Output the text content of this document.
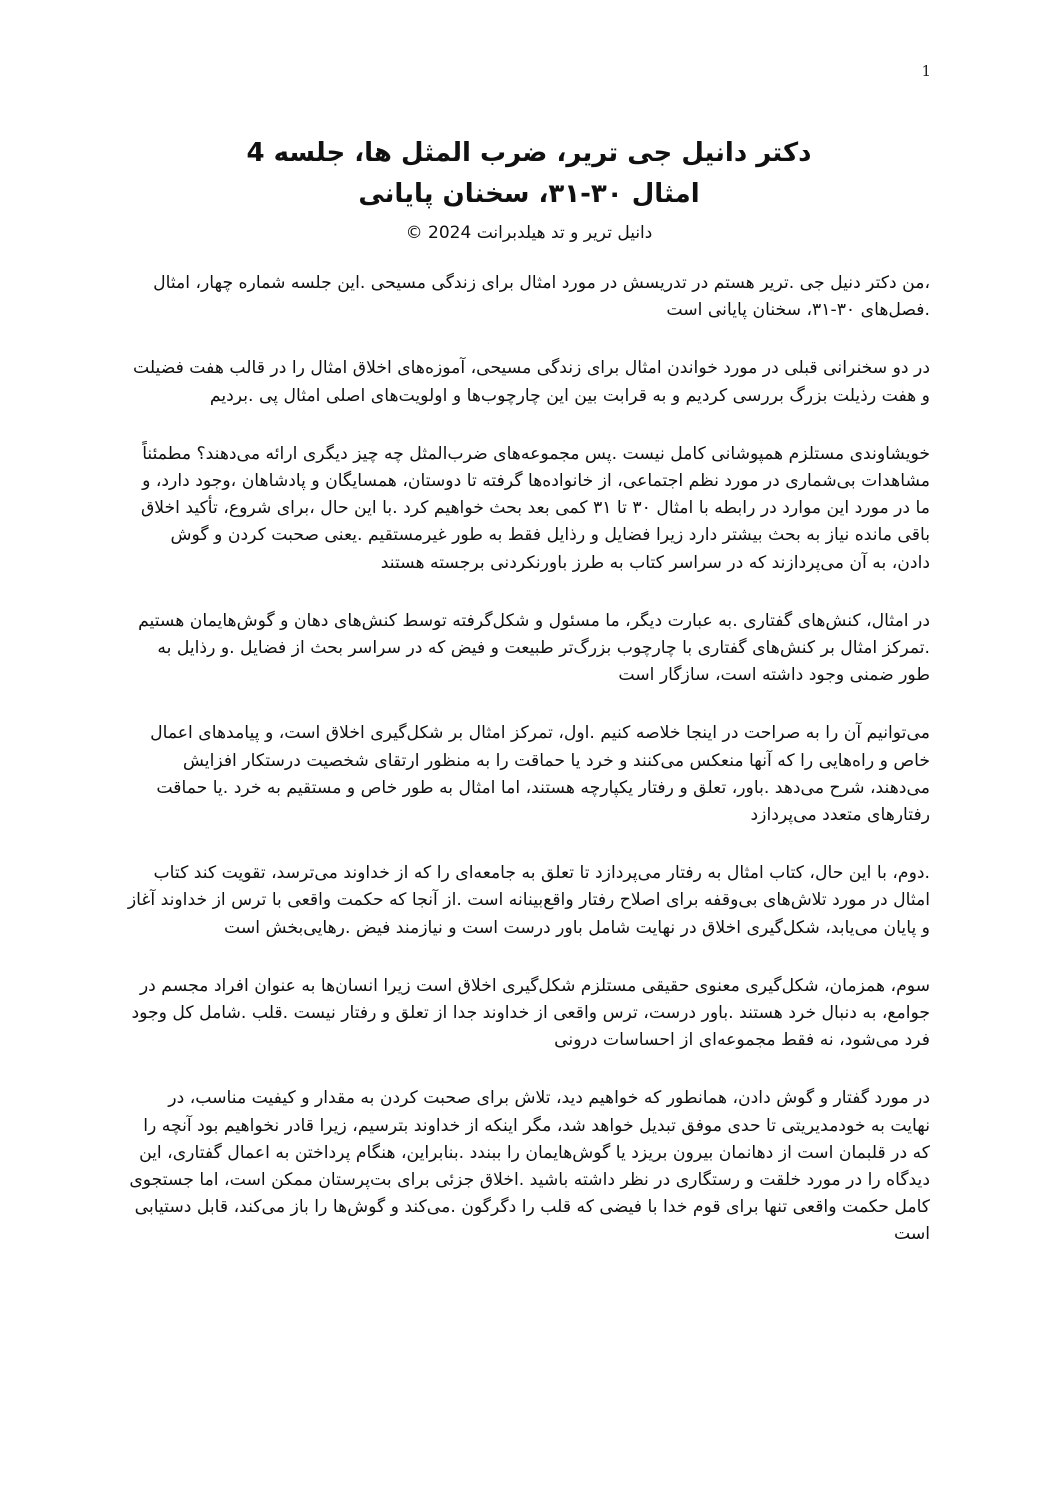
1

دکتر دانیل جی تریر، ضرب المثل ها، جلسه 4

امثال ۳۰-۳۱، سخنان پایانی

دانیل تریر و تد هیلدبرانت 2024 ©

،من دکتر دنیل جی .تریر هستم در تدریسش در مورد امثال برای زندگی مسیحی .این جلسه شماره چهار، امثال .فصل‌های ۳۰-۳۱، سخنان پایانی است

در دو سخنرانی قبلی در مورد خواندن امثال برای زندگی مسیحی، آموزه‌های اخلاق امثال را در قالب هفت فضیلت و هفت رذیلت بزرگ بررسی کردیم و به قرابت بین این چارچوب‌ها و اولویت‌های اصلی امثال پی .بردیم

خویشاوندی مستلزم همپوشانی کامل نیست .پس مجموعه‌های ضرب‌المثل چه چیز دیگری ارائه می‌دهند؟ مطمئناً مشاهدات بی‌شماری در مورد نظم اجتماعی، از خانواده‌ها گرفته تا دوستان، همسایگان و پادشاهان ،وجود دارد، و ما در مورد این موارد در رابطه با امثال ۳۰ تا ۳۱ کمی بعد بحث خواهیم کرد .با این حال ،برای شروع، تأکید اخلاق باقی مانده نیاز به بحث بیشتر دارد زیرا فضایل و رذایل فقط به طور غیرمستقیم .یعنی صحبت کردن و گوش دادن، به آن می‌پردازند که در سراسر کتاب به طرز باورنکردنی برجسته هستند

در امثال، کنش‌های گفتاری .به عبارت دیگر، ما مسئول و شکل‌گرفته توسط کنش‌های دهان و گوش‌هایمان هستیم .تمرکز امثال بر کنش‌های گفتاری با چارچوب بزرگ‌تر طبیعت و فیض که در سراسر بحث از فضایل .و رذایل به طور ضمنی وجود داشته است، سازگار است

می‌توانیم آن را به صراحت در اینجا خلاصه کنیم .اول، تمرکز امثال بر شکل‌گیری اخلاق است، و پیامدهای اعمال خاص و راه‌هایی را که آنها منعکس می‌کنند و خرد یا حماقت را به منظور ارتقای شخصیت درستکار افزایش می‌دهند، شرح می‌دهد .باور، تعلق و رفتار یکپارچه هستند، اما امثال به طور خاص و مستقیم به خرد .یا حماقت رفتارهای متعدد می‌پردازد

.دوم، با این حال، کتاب امثال به رفتار می‌پردازد تا تعلق به جامعه‌ای را که از خداوند می‌ترسد، تقویت کند کتاب امثال در مورد تلاش‌های بی‌وقفه برای اصلاح رفتار واقع‌بینانه است .از آنجا که حکمت واقعی با ترس از خداوند آغاز و پایان می‌یابد، شکل‌گیری اخلاق در نهایت شامل باور درست است و نیازمند فیض .رهایی‌بخش است

سوم، همزمان، شکل‌گیری معنوی حقیقی مستلزم شکل‌گیری اخلاق است زیرا انسان‌ها به عنوان افراد مجسم در جوامع، به دنبال خرد هستند .باور درست، ترس واقعی از خداوند جدا از تعلق و رفتار نیست .قلب .شامل کل وجود فرد می‌شود، نه فقط مجموعه‌ای از احساسات درونی

در مورد گفتار و گوش دادن، همانطور که خواهیم دید، تلاش برای صحبت کردن به مقدار و کیفیت مناسب، در نهایت به خودمدیریتی تا حدی موفق تبدیل خواهد شد، مگر اینکه از خداوند بترسیم، زیرا قادر نخواهیم بود آنچه را که در قلبمان است از دهانمان بیرون بریزد یا گوش‌هایمان را ببندد .بنابراین، هنگام پرداختن به اعمال گفتاری، این دیدگاه را در مورد خلقت و رستگاری در نظر داشته باشید .اخلاق جزئی برای بت‌پرستان ممکن است، اما جستجوی کامل حکمت واقعی تنها برای قوم خدا با فیضی که قلب را دگرگون .می‌کند و گوش‌ها را باز می‌کند، قابل دستیابی است
